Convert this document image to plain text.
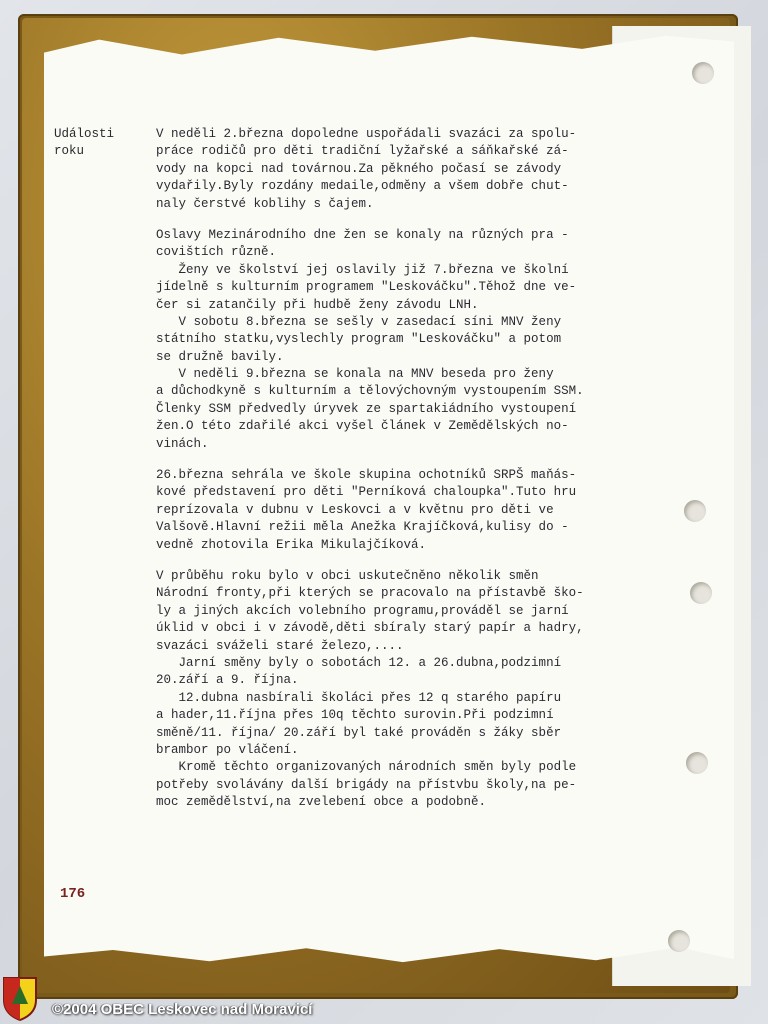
Události
roku
V neděli 2.března dopoledne uspořádali svazáci za spolu-
práce rodičů pro děti tradiční lyžařské a sáňkařské zá-
vody na kopci nad továrnou.Za pěkného počasí se závody
vydařily.Byly rozdány medaile,odměny a všem dobře chut-
naly čerstvé koblihy s čajem.
Oslavy Mezinárodního dne žen se konaly na různých pra -
covištích různě.
Ženy ve školství jej oslavily již 7.března ve školní
jídelně s kulturním programem "Leskováčku".Těhož dne ve-
čer si zatančily při hudbě ženy závodu LNH.
V sobotu 8.března se sešly v zasedací síni MNV ženy
státního statku,vyslechly program "Leskováčku" a potom
se družně bavily.
V neděli 9.března se konala na MNV beseda pro ženy
a důchodkyně s kulturním a tělovýchovným vystoupením SSM.
Členky SSM předvedly úryvek ze spartakiádního vystoupení
žen.O této zdařilé akci vyšel článek v Zemědělských no-
vinách.
26.března sehrála ve škole skupina ochotníků SRPŠ maňás-
kové představení pro děti "Perníková chaloupka".Tuto hru
reprízovala v dubnu v Leskovci a v květnu pro děti ve
Valšově.Hlavní režii měla Anežka Krajíčková,kulisy do -
vedně zhotovila Erika Mikulajčíková.
V průběhu roku bylo v obci uskutečněno několik směn
Národní fronty,při kterých se pracovalo na přístavbě ško-
ly a jiných akcích volebního programu,prováděl se jarní
úklid v obci i v závodě,děti sbíraly starý papír a hadry,
svazáci sváželi staré železo,....
Jarní směny byly o sobotách 12. a 26.dubna,podzimní
20.září a 9. října.
12.dubna nasbírali školáci přes 12 q starého papíru
a hader,11.října přes 10q těchto surovin.Při podzimní
směně/11. října/ 20.září byl také prováděn s žáky sběr
brambor po vláčení.
Kromě těchto organizovaných národních směn byly podle
potřeby svolávány další brigády na přístvbu školy,na pe-
moc zemědělství,na zvelebení obce a podobně.
176
©2004 OBEC Leskovec nad Moravicí
